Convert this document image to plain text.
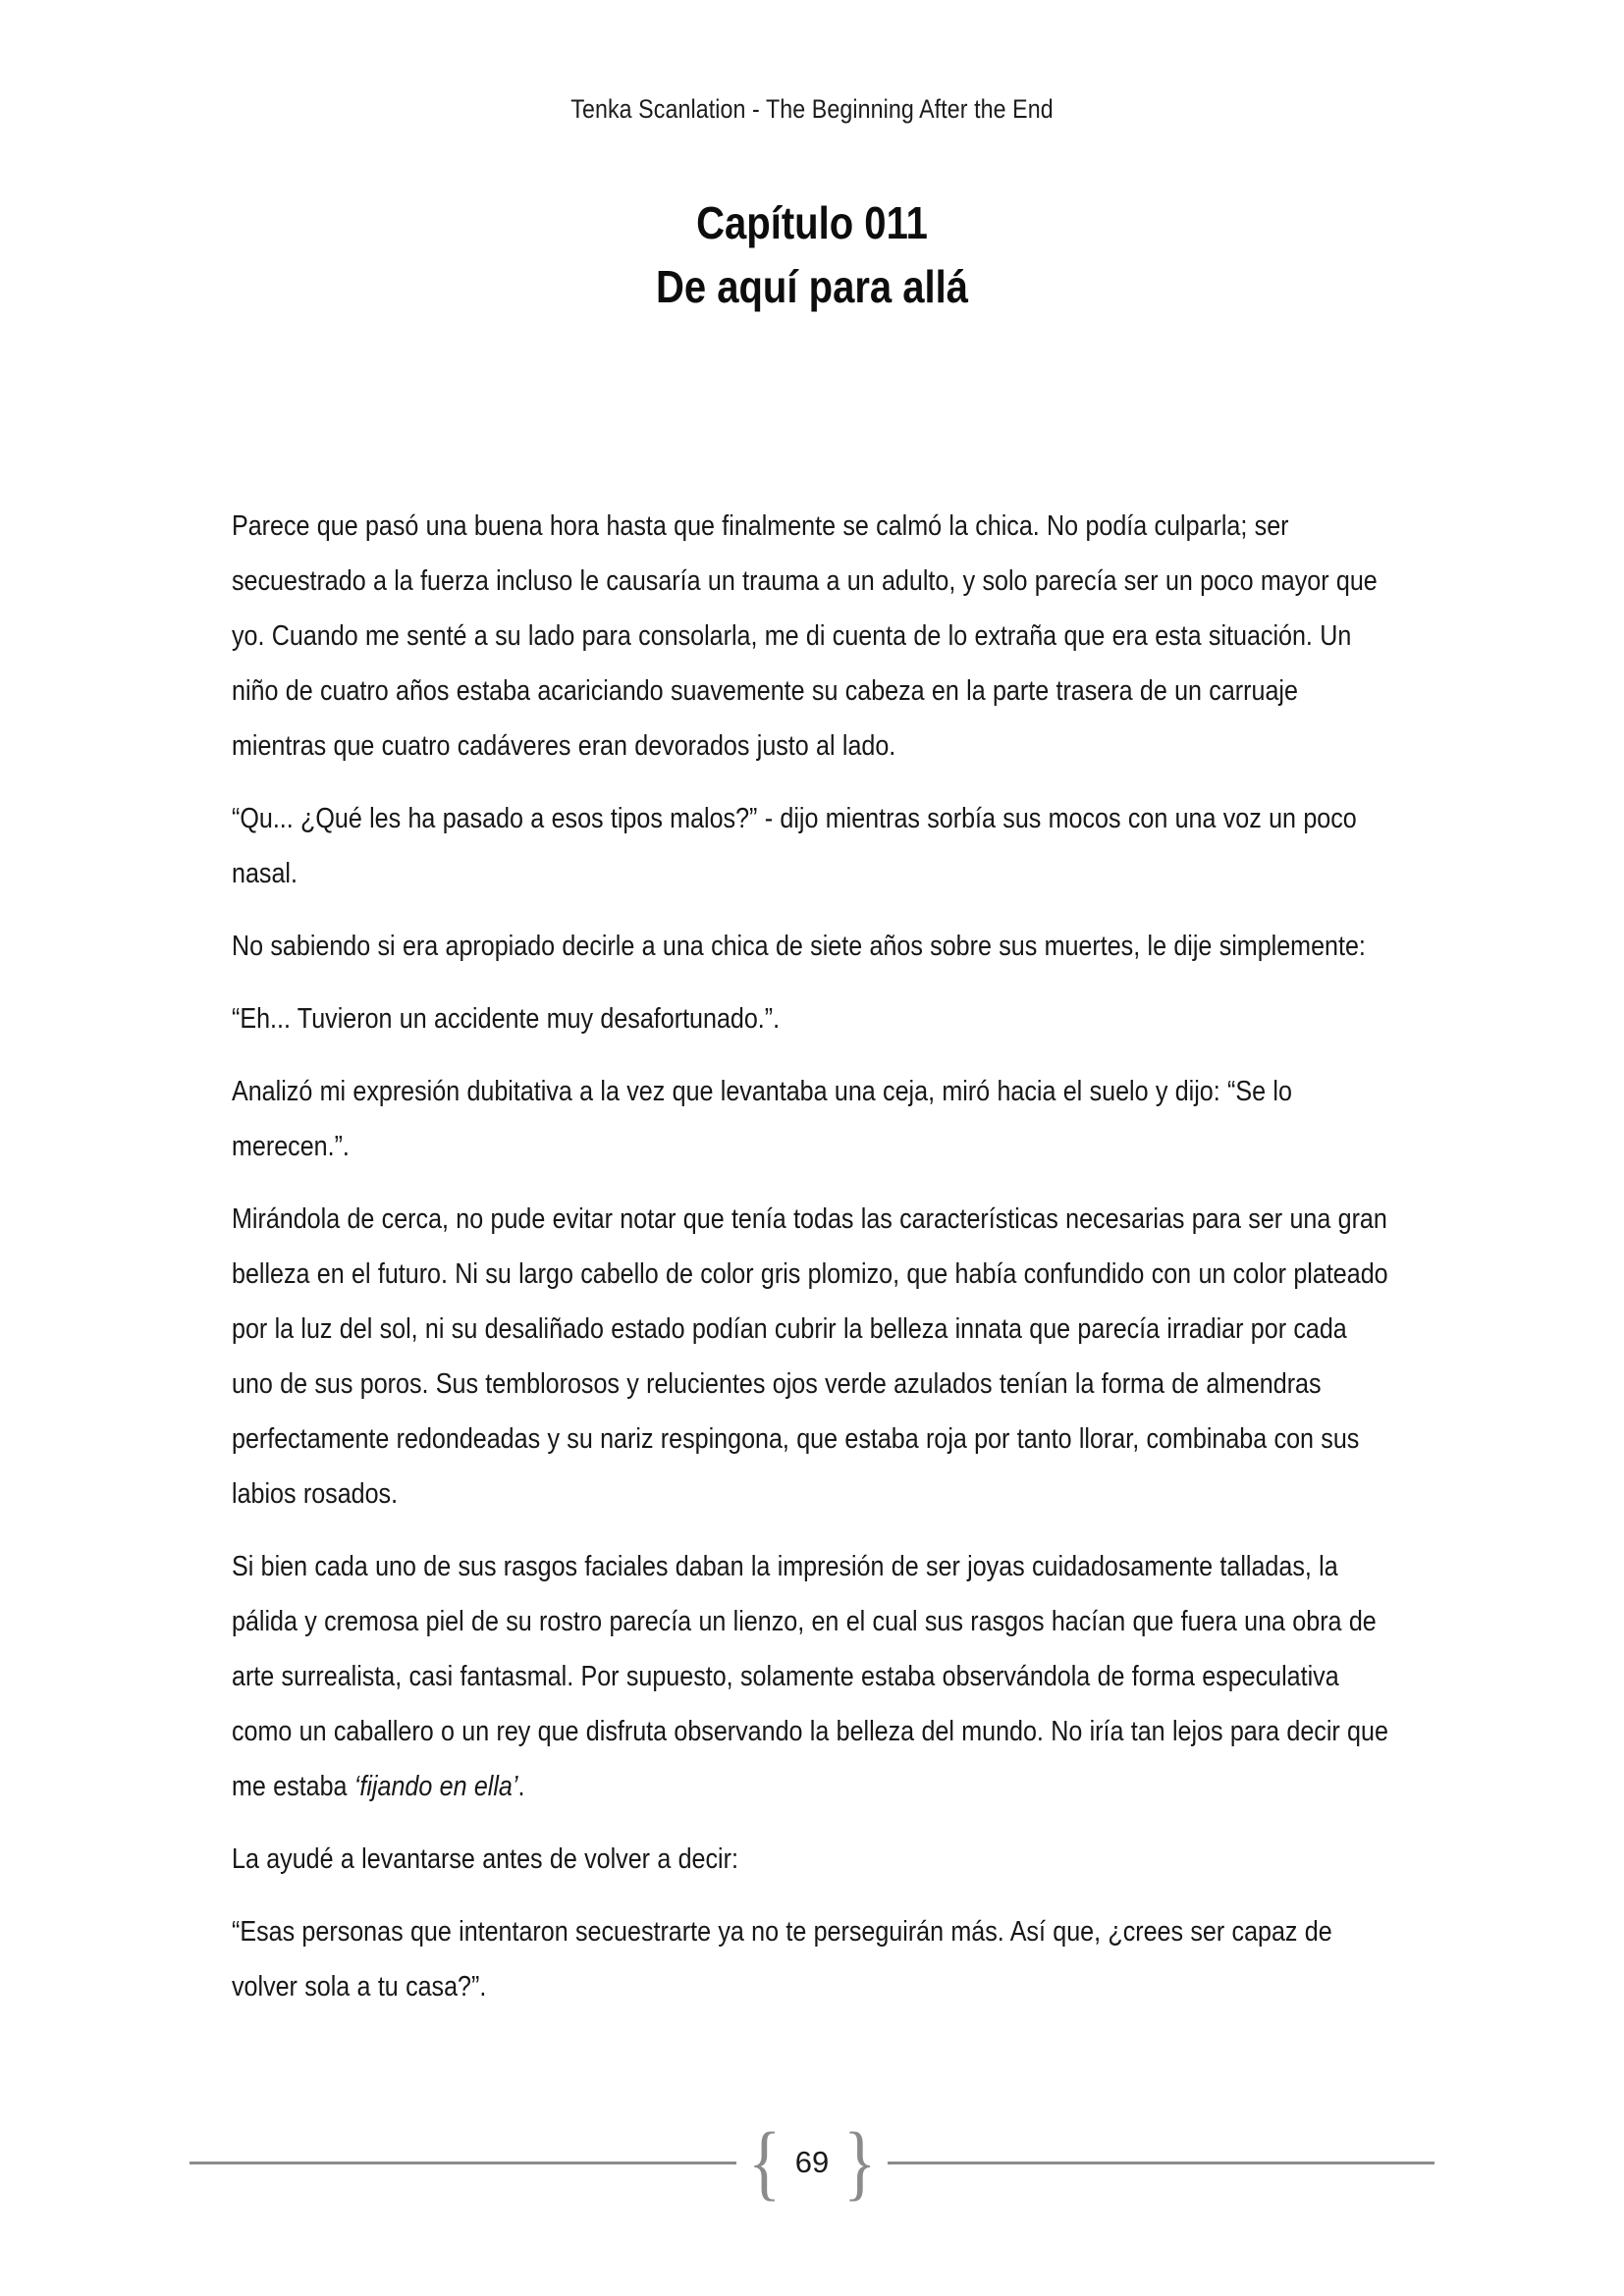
Tenka Scanlation - The Beginning After the End
Capítulo 011
De aquí para allá

Parece que pasó una buena hora hasta que finalmente se calmó la chica. No podía culparla; ser secuestrado a la fuerza incluso le causaría un trauma a un adulto, y solo parecía ser un poco mayor que yo. Cuando me senté a su lado para consolarla, me di cuenta de lo extraña que era esta situación. Un niño de cuatro años estaba acariciando suavemente su cabeza en la parte trasera de un carruaje mientras que cuatro cadáveres eran devorados justo al lado.

“Qu... ¿Qué les ha pasado a esos tipos malos?” - dijo mientras sorbía sus mocos con una voz un poco nasal.

No sabiendo si era apropiado decirle a una chica de siete años sobre sus muertes, le dije simplemente:

“Eh... Tuvieron un accidente muy desafortunado.”.

Analizó mi expresión dubitativa a la vez que levantaba una ceja, miró hacia el suelo y dijo: “Se lo merecen.”.

Mirándola de cerca, no pude evitar notar que tenía todas las características necesarias para ser una gran belleza en el futuro. Ni su largo cabello de color gris plomizo, que había confundido con un color plateado por la luz del sol, ni su desaliñado estado podían cubrir la belleza innata que parecía irradiar por cada uno de sus poros. Sus temblorosos y relucientes ojos verde azulados tenían la forma de almendras perfectamente redondeadas y su nariz respingona, que estaba roja por tanto llorar, combinaba con sus labios rosados.

Si bien cada uno de sus rasgos faciales daban la impresión de ser joyas cuidadosamente talladas, la pálida y cremosa piel de su rostro parecía un lienzo, en el cual sus rasgos hacían que fuera una obra de arte surrealista, casi fantasmal. Por supuesto, solamente estaba observándola de forma especulativa como un caballero o un rey que disfruta observando la belleza del mundo. No iría tan lejos para decir que me estaba ‘fijando en ella’.

La ayudé a levantarse antes de volver a decir:

“Esas personas que intentaron secuestrarte ya no te perseguirán más. Así que, ¿crees ser capaz de volver sola a tu casa?”.

{ 69 }
